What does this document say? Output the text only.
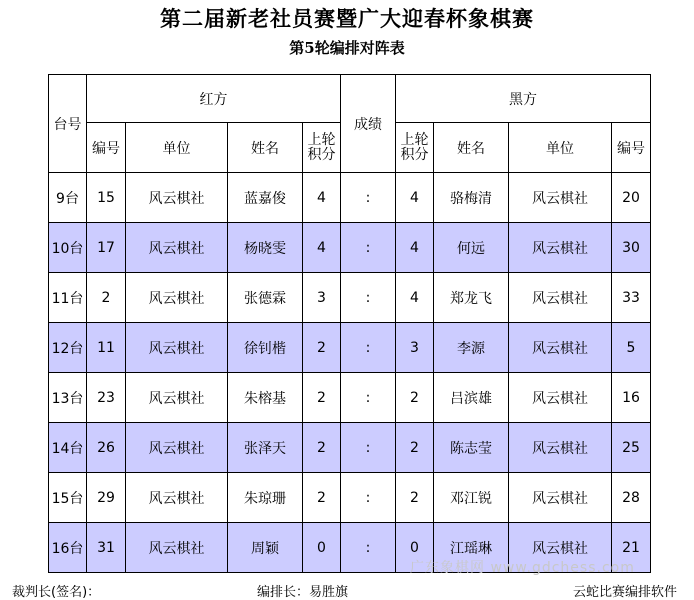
第二届新老社员赛暨广大迎春杯象棋赛
第5轮编排对阵表
台号	红方				成绩	黑方			
	编号	单位	姓名	上轮积分		上轮积分	姓名	单位	编号
9台	15	风云棋社	蓝嘉俊	4	:	4	骆梅清	风云棋社	20
10台	17	风云棋社	杨晓雯	4	:	4	何远	风云棋社	30
11台	2	风云棋社	张德霖	3	:	4	郑龙飞	风云棋社	33
12台	11	风云棋社	徐钊楷	2	:	3	李源	风云棋社	5
13台	23	风云棋社	朱榕基	2	:	2	吕滨雄	风云棋社	16
14台	26	风云棋社	张泽天	2	:	2	陈志莹	风云棋社	25
15台	29	风云棋社	朱琼珊	2	:	2	邓江锐	风云棋社	28
16台	31	风云棋社	周颖	0	:	0	江瑶琳	风云棋社	21
广东象棋网 www.gdchess.com
裁判长(签名)：	编排长：易胜旗	云蛇比赛编排软件
